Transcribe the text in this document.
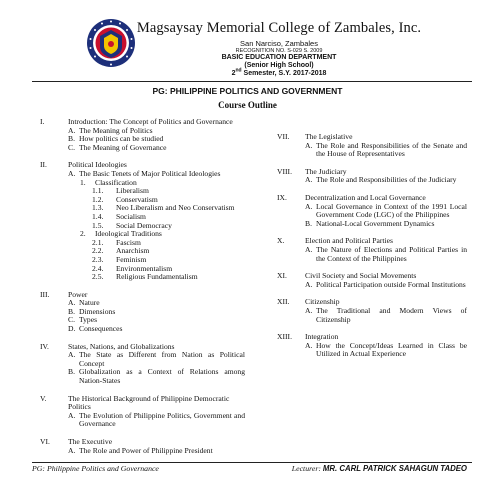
Magsaysay Memorial College of Zambales, Inc.
San Narciso, Zambales
RECOGNITION NO. S-029 S. 2009
BASIC EDUCATION DEPARTMENT
(Senior High School)
2nd Semester, S.Y. 2017-2018
PG: PHILIPPINE POLITICS AND GOVERNMENT
Course Outline
I.	Introduction: The Concept of Politics and Governance
A. The Meaning of Politics
B. How politics can be studied
C. The Meaning of Governance
II.	Political Ideologies
A. The Basic Tenets of Major Political Ideologies
1. Classification
1.1. Liberalism
1.2. Conservatism
1.3. Neo Liberalism and Neo Conservatism
1.4. Socialism
1.5. Social Democracy
2. Ideological Traditions
2.1. Fascism
2.2. Anarchism
2.3. Feminism
2.4. Environmentalism
2.5. Religious Fundamentalism
III. Power
A. Nature
B. Dimensions
C. Types
D. Consequences
IV.	States, Nations, and Globalizations
A. The State as Different from Nation as Political Concept
B. Globalization as a Context of Relations among Nation-States
V.	The Historical Background of Philippine Democratic Politics
A. The Evolution of Philippine Politics, Government and Governance
VI. The Executive
A. The Role and Power of Philippine President
VII. The Legislative
A. The Role and Responsibilities of the Senate and the House of Representatives
VIII. The Judiciary
A. The Role and Responsibilities of the Judiciary
IX. Decentralization and Local Governance
A. Local Governance in Context of the 1991 Local Government Code (LGC) of the Philippines
B. National-Local Government Dynamics
X.	Election and Political Parties
A. The Nature of Elections and Political Parties in the Context of the Philippines
XI. Civil Society and Social Movements
A. Political Participation outside Formal Institutions
XII. Citizenship
A. The Traditional and Modern Views of Citizenship
XIII. Integration
A. How the Concept/Ideas Learned in Class be Utilized in Actual Experience
PG: Philippine Politics and Governance	Lecturer: MR. CARL PATRICK SAHAGUN TADEO
